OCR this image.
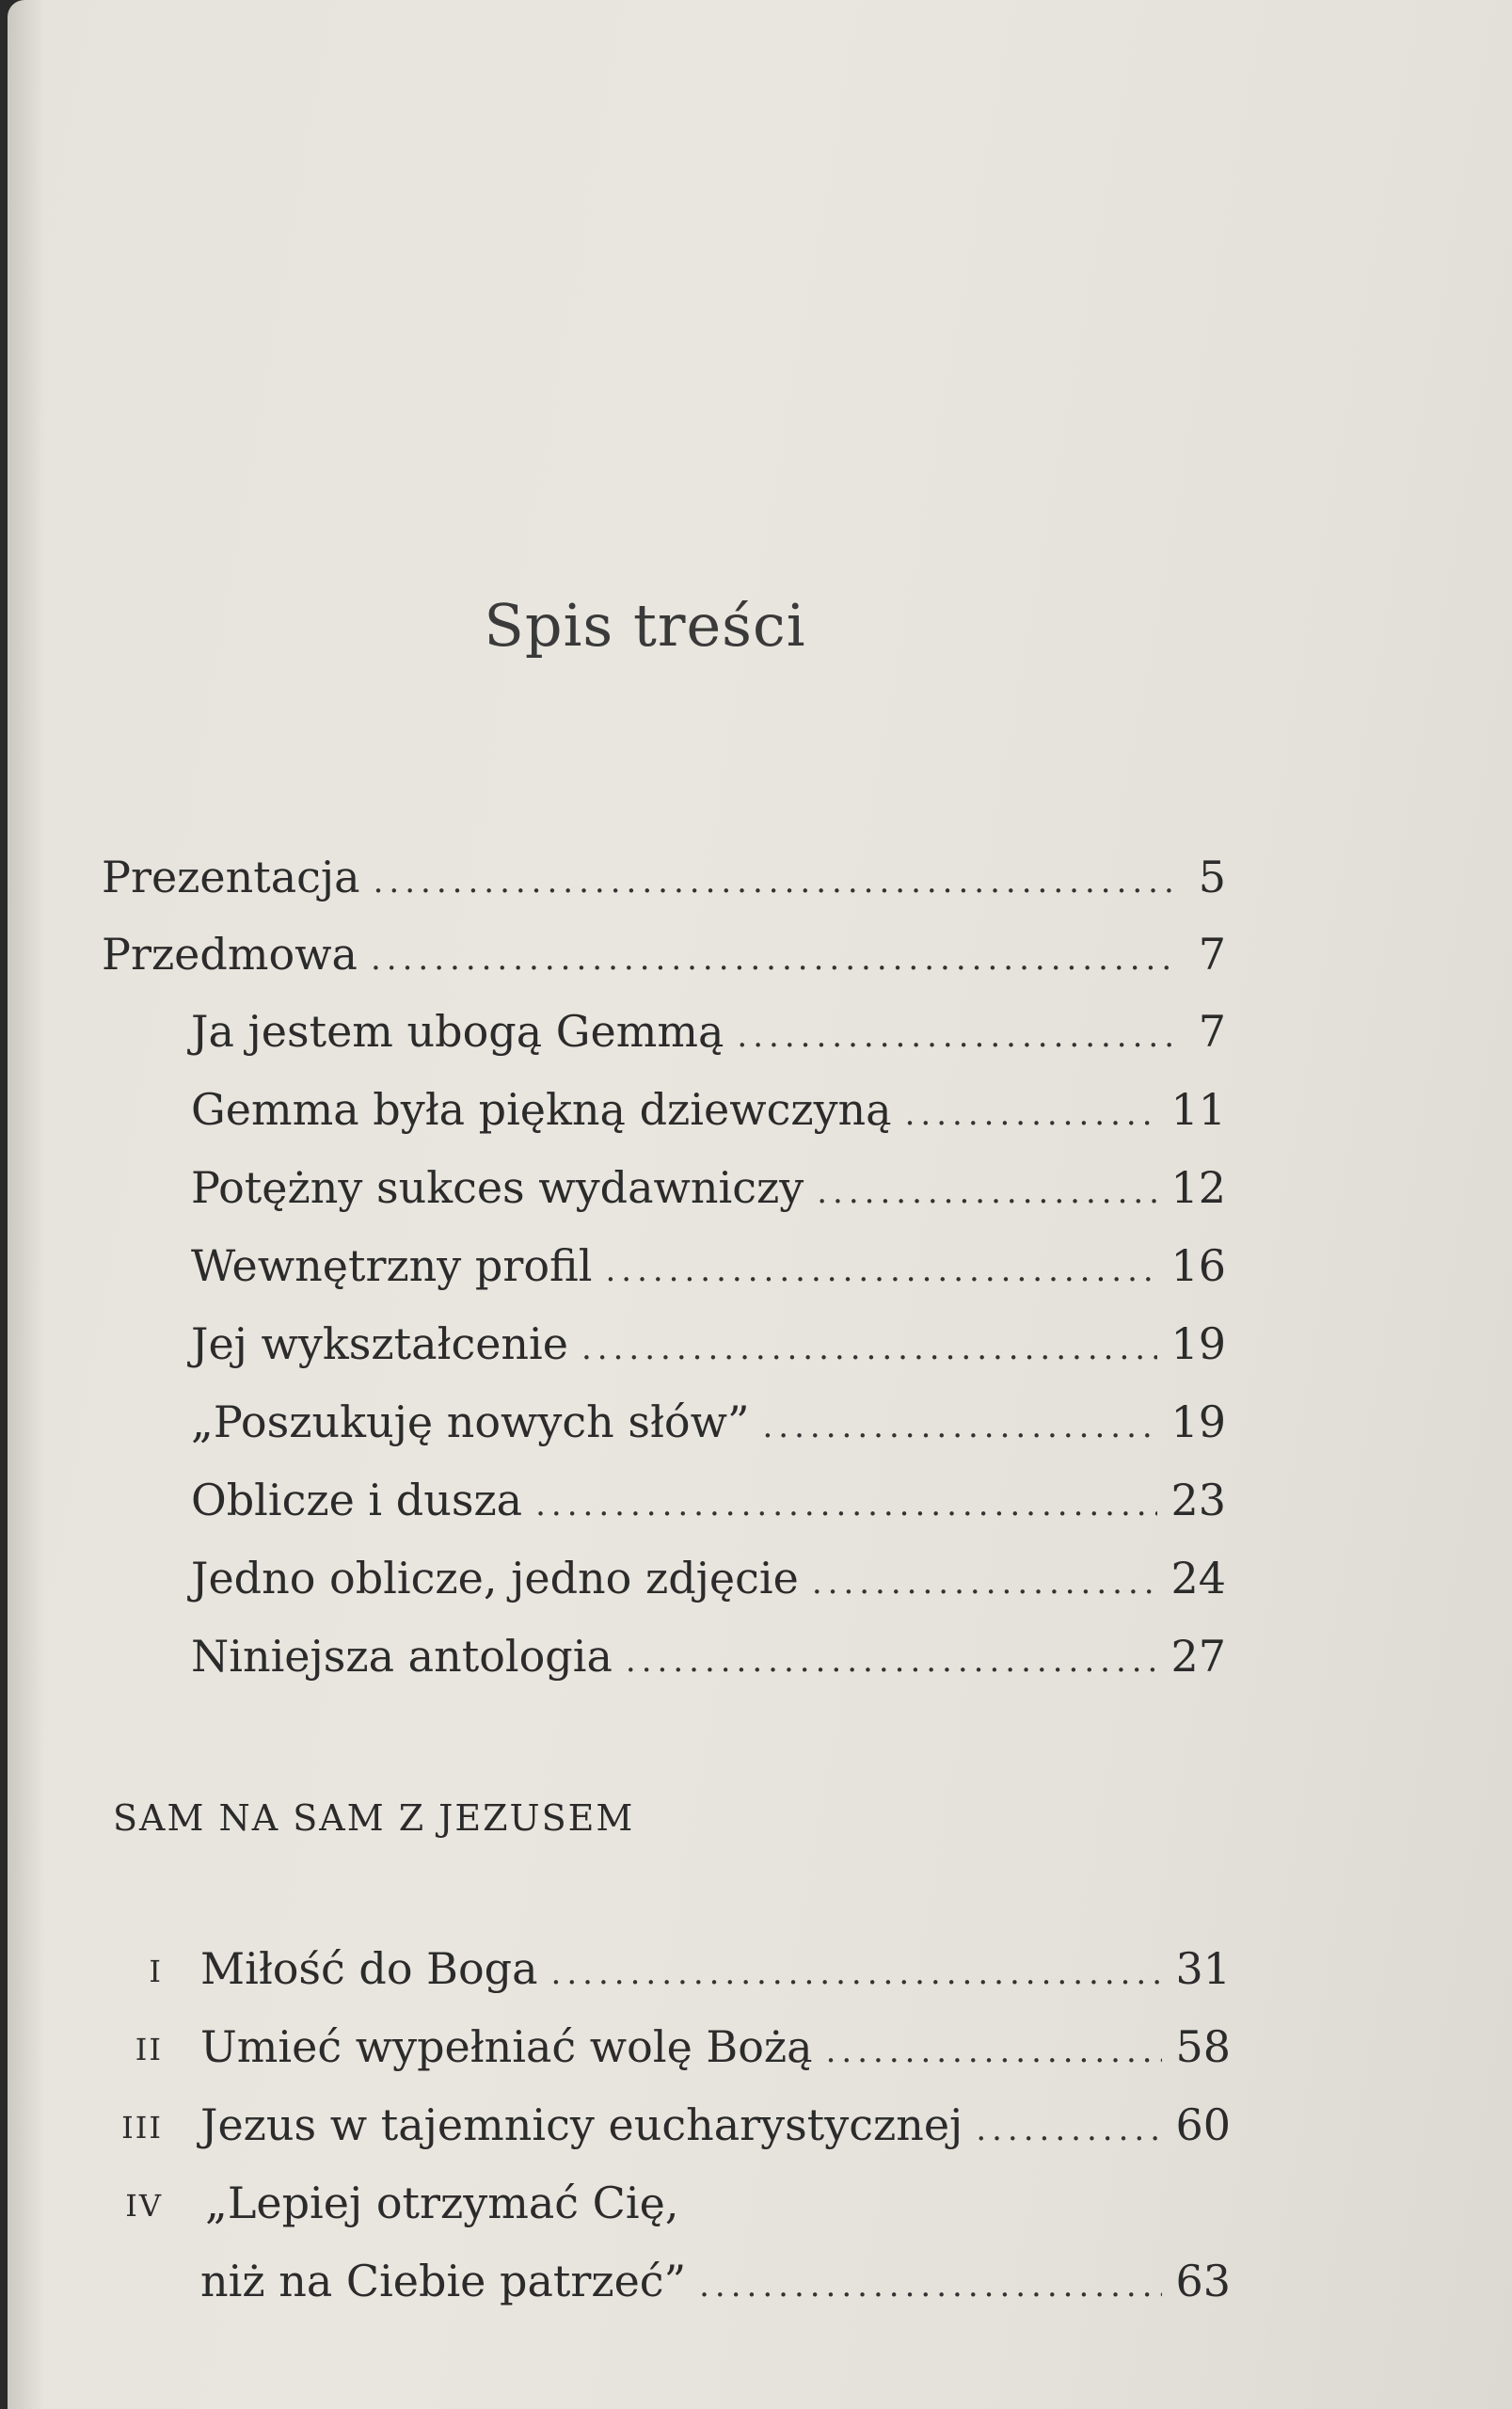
Spis treści
Prezentacja .....	5
Przedmowa .....	7
Ja jestem ubogą Gemmą .....	7
Gemma była piękną dziewczyną .....	11
Potężny sukces wydawniczy .....	12
Wewnętrzny profil .....	16
Jej wykształcenie .....	19
„Poszukuję nowych słów” .....	19
Oblicze i dusza .....	23
Jedno oblicze, jedno zdjęcie .....	24
Niniejsza antologia .....	27
SAM NA SAM Z JEZUSEM
I Miłość do Boga .....	31
II Umieć wypełniać wolę Bożą .....	58
III Jezus w tajemnicy eucharystycznej .....	60
IV „Lepiej otrzymać Cię,
niż na Ciebie patrzeć” .....	63
